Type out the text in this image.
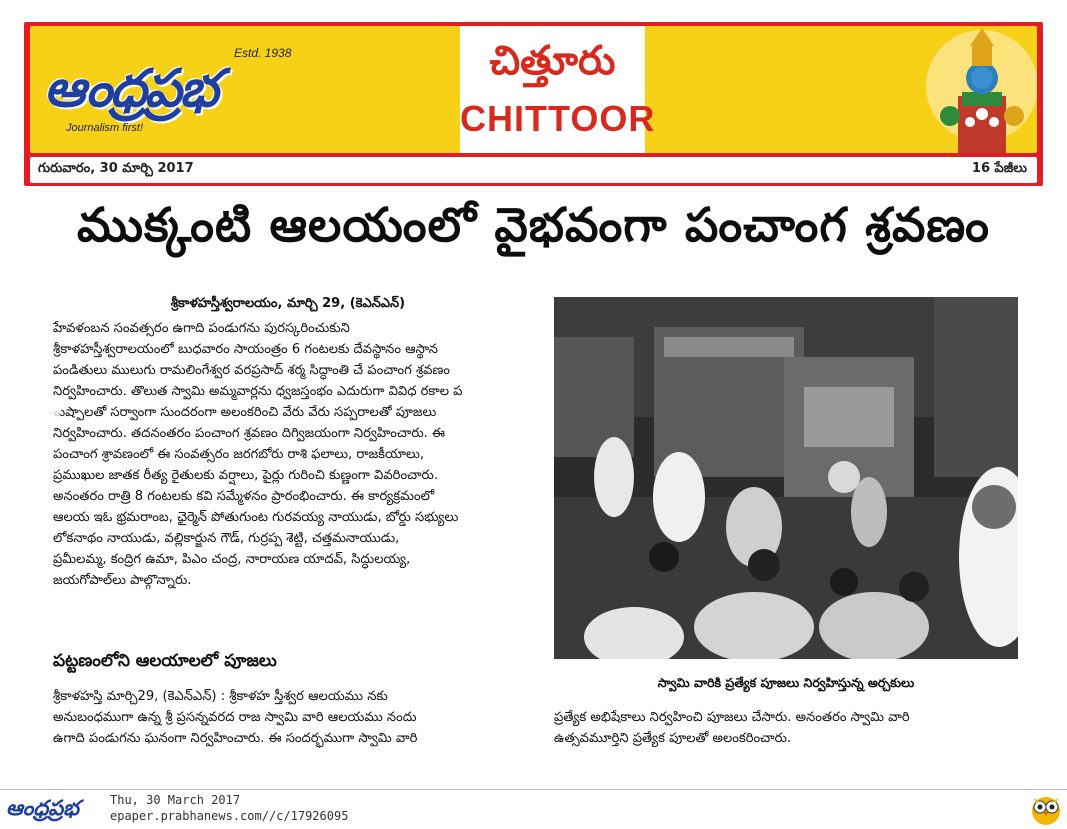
ఆంధ్రప్రభ
Estd. 1938
Journalism first!
చిత్తూరు
CHITTOOR
గురువారం, 30 మార్చి 2017	16 పేజీలు
ముక్కంటి ఆలయంలో వైభవంగా పంచాంగ శ్రవణం
శ్రీకాళహస్తీశ్వరాలయం, మార్చి 29, (కెఎన్ఎన్)
హేవళంబన సంవత్సరం ఉగాది పండుగను పురస్కరించుకుని
శ్రీకాళహస్తీశ్వరాలయంలో బుధవారం సాయంత్రం 6 గంటలకు దేవస్థానం ఆస్థాన
పండితులు ములుగు రామలింగేశ్వర వరప్రసాద్ శర్మ సిద్ధాంతి చే పంచాంగ శ్రవణం
నిర్వహించారు. తొలుత స్వామి అమ్మవార్లను ధ్వజస్తంభం ఎదురుగా వివిధ రకాల ప
ుష్పాలతో సర్వాంగా సుందరంగా అలంకరించి వేరు వేరు సప్పరాలతో పూజలు
నిర్వహించారు. తదనంతరం పంచాంగ శ్రవణం దిగ్విజయంగా నిర్వహించారు. ఈ
పంచాంగ శ్రావణంలో ఈ సంవత్సరం జరగబోరు రాశి ఫలాలు, రాజకీయాలు,
ప్రముఖుల జాతక రీత్య రైతులకు వర్షాలు, పైర్లు గురించి కుణ్ణంగా వివరించారు.
అనంతరం రాత్రి 8 గంటలకు కవి సమ్మేళనం ప్రారంభించారు. ఈ కార్యక్రమంలో
ఆలయ ఇఓ భ్రమరాంబ, ఛైర్మెన్ పోతుగుంట గురవయ్య నాయుడు, బోర్డు సభ్యులు
లోకనాథం నాయుడు, వల్లికార్జున గౌడ్, గుర్రప్ప శెట్టి, చత్తమనాయుడు,
ప్రమీలమ్మ, కంద్రిగ ఉమా, పిఎం చంద్ర, నారాయణ యాదవ్, సిద్ధులయ్య,
జయగోపాల్‌లు పాల్గొన్నారు.
పట్టణంలోని ఆలయాలలో పూజలు
శ్రీకాళహస్తి మార్చి29, (కెఎన్ఎన్) : శ్రీకాళహ స్తీశ్వర ఆలయము నకు
అనుబంధముగా ఉన్న శ్రీ ప్రసన్నవరద రాజ స్వామి వారి ఆలయము నందు
ఉగాది పండుగను ఘనంగా నిర్వహించారు. ఈ సందర్భముగా స్వామి వారి
స్వామి వారికి ప్రత్యేక పూజలు నిర్వహిస్తున్న అర్చకులు
ప్రత్యేక అభిషేకాలు నిర్వహించి పూజలు చేసారు. అనంతరం స్వామి వారి
ఉత్సవమూర్తిని ప్రత్యేక పూలతో అలంకరించారు.
ఆంధ్రప్రభ	Thu, 30 March 2017
epaper.prabhanews.com//c/17926095
